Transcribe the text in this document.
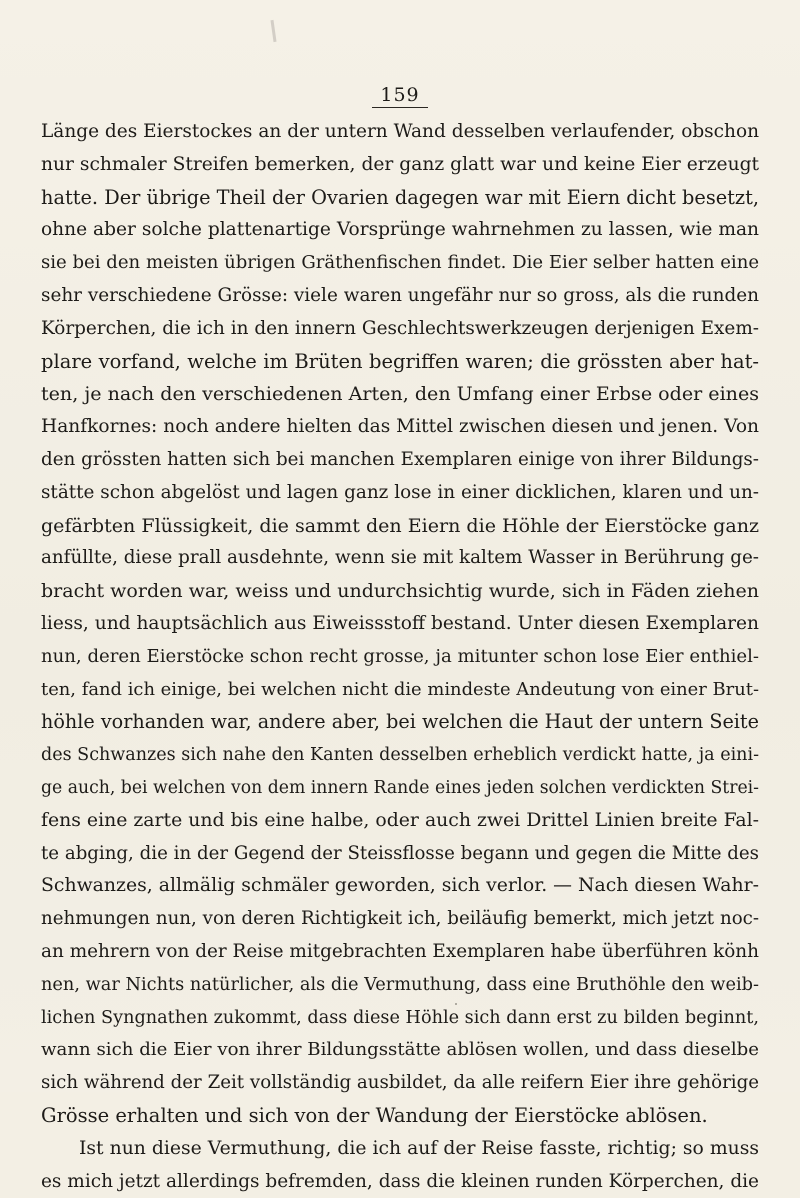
159
Länge des Eierstockes an der untern Wand desselben verlaufender, obschon
nur schmaler Streifen bemerken, der ganz glatt war und keine Eier erzeugt
hatte. Der übrige Theil der Ovarien dagegen war mit Eiern dicht besetzt,
ohne aber solche plattenartige Vorsprünge wahrnehmen zu lassen, wie man
sie bei den meisten übrigen Gräthenfischen findet. Die Eier selber hatten eine
sehr verschiedene Grösse: viele waren ungefähr nur so gross, als die runden
Körperchen, die ich in den innern Geschlechtswerkzeugen derjenigen Exem-
plare vorfand, welche im Brüten begriffen waren; die grössten aber hat-
ten, je nach den verschiedenen Arten, den Umfang einer Erbse oder eines
Hanfkornes: noch andere hielten das Mittel zwischen diesen und jenen. Von
den grössten hatten sich bei manchen Exemplaren einige von ihrer Bildungs-
stätte schon abgelöst und lagen ganz lose in einer dicklichen, klaren und un-
gefärbten Flüssigkeit, die sammt den Eiern die Höhle der Eierstöcke ganz
anfüllte, diese prall ausdehnte, wenn sie mit kaltem Wasser in Berührung ge-
bracht worden war, weiss und undurchsichtig wurde, sich in Fäden ziehen
liess, und hauptsächlich aus Eiweissstoff bestand. Unter diesen Exemplaren
nun, deren Eierstöcke schon recht grosse, ja mitunter schon lose Eier enthiel-
ten, fand ich einige, bei welchen nicht die mindeste Andeutung von einer Brut-
höhle vorhanden war, andere aber, bei welchen die Haut der untern Seite
des Schwanzes sich nahe den Kanten desselben erheblich verdickt hatte, ja eini-
ge auch, bei welchen von dem innern Rande eines jeden solchen verdickten Strei-
fens eine zarte und bis eine halbe, oder auch zwei Drittel Linien breite Fal-
te abging, die in der Gegend der Steissflosse begann und gegen die Mitte des
Schwanzes, allmälig schmäler geworden, sich verlor. — Nach diesen Wahr-
nehmungen nun, von deren Richtigkeit ich, beiläufig bemerkt, mich jetzt noc-
an mehrern von der Reise mitgebrachten Exemplaren habe überführen könh
nen, war Nichts natürlicher, als die Vermuthung, dass eine Bruthöhle den weib-
lichen Syngnathen zukommt, dass diese Höhle sich dann erst zu bilden beginnt,
wann sich die Eier von ihrer Bildungsstätte ablösen wollen, und dass dieselbe
sich während der Zeit vollständig ausbildet, da alle reifern Eier ihre gehörige
Grösse erhalten und sich von der Wandung der Eierstöcke ablösen.
Ist nun diese Vermuthung, die ich auf der Reise fasste, richtig; so muss
es mich jetzt allerdings befremden, dass die kleinen runden Körperchen, die
